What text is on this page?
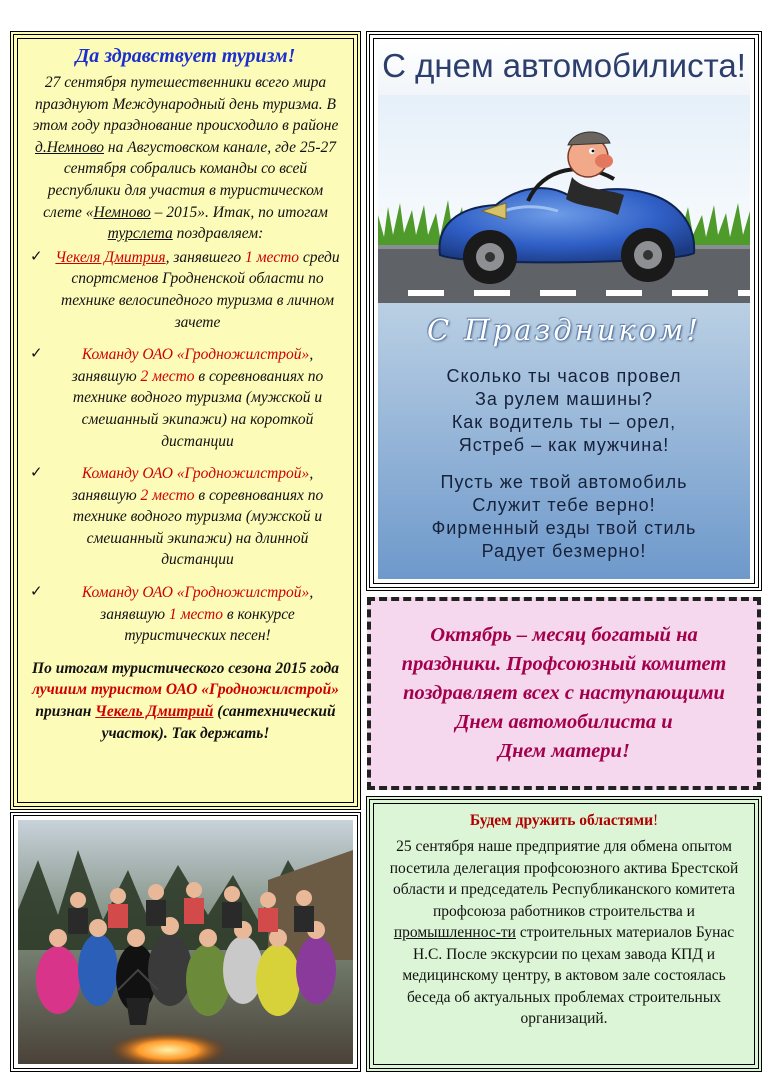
Да здравствует туризм!

27 сентября путешественники всего мира празднуют Международный день туризма. В этом году празднование происходило в районе д.Немново на Августовском канале, где 25-27 сентября собрались команды со всей республики для участия в туристическом слете «Немново – 2015». Итак, по итогам турслета поздравляем:

✓ Чекеля Дмитрия, занявшего 1 место среди спортсменов Гродненской области по технике велосипедного туризма в личном зачете
✓	Команду ОАО «Гродножилстрой», занявшую 2 место в соревнованиях по технике водного туризма (мужской и смешанный экипажи) на короткой дистанции
✓	Команду ОАО «Гродножилстрой», занявшую 2 место в соревнованиях по технике водного туризма (мужской и смешанный экипажи) на длинной дистанции
✓	Команду ОАО «Гродножилстрой», занявшую 1 место в конкурсе туристических песен!

По итогам туристического сезона 2015 года лучшим туристом ОАО «Гродножилстрой» признан Чекель Дмитрий (сантехнический участок). Так держать!

С днем автомобилиста!
С Праздником!
Сколько ты часов провел
За рулем машины?
Как водитель ты – орел,
Ястреб – как мужчина!
Пусть же твой автомобиль
Служит тебе верно!
Фирменный езды твой стиль
Радует безмерно!

Октябрь – месяц богатый на праздники. Профсоюзный комитет поздравляет всех с наступающими Днем автомобилиста и
Днем матери!

Будем дружить областями!

25 сентября наше предприятие для обмена опытом посетила делегация профсоюзного актива Брестской области и председатель Республиканского комитета профсоюза работников строительства и промышленнос-ти строительных материалов Бунас Н.С. После экскурсии по цехам завода КПД и медицинскому центру, в актовом зале состоялась беседа об актуальных проблемах строительных организаций.
